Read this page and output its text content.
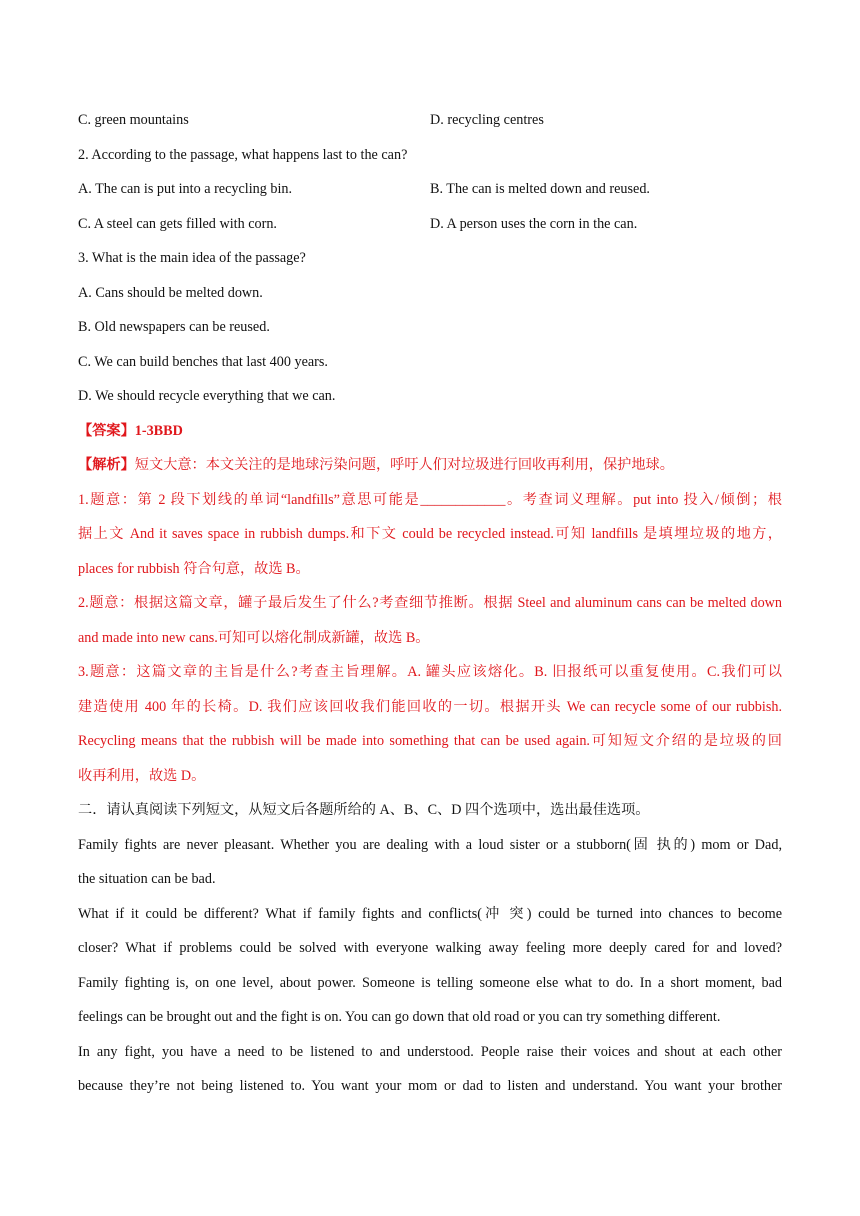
C. green mountains	D. recycling centres
2. According to the passage, what happens last to the can?
A. The can is put into a recycling bin.	B. The can is melted down and reused.
C. A steel can gets filled with corn.	D. A person uses the corn in the can.
3. What is the main idea of the passage?
A. Cans should be melted down.
B. Old newspapers can be reused.
C. We can build benches that last 400 years.
D. We should recycle everything that we can.
【答案】1-3BBD
【解析】短文大意：本文关注的是地球污染问题，呼吁人们对垃圾进行回收再利用，保护地球。
1.题意：第 2 段下划线的单词“landfills”意思可能是____________。考查词义理解。put into 投入/倾倒；根
据上文 And it saves space in rubbish dumps.和下文 could be recycled instead.可知 landfills 是填埋垃圾的地方，
places for rubbish 符合句意，故选 B。
2.题意：根据这篇文章，罐子最后发生了什么?考查细节推断。根据 Steel and aluminum cans can be melted down
and made into new cans.可知可以熔化制成新罐，故选 B。
3.题意：这篇文章的主旨是什么?考查主旨理解。A. 罐头应该熔化。B. 旧报纸可以重复使用。C.我们可以
建造使用 400 年的长椅。D. 我们应该回收我们能回收的一切。根据开头 We can recycle some of our rubbish.
Recycling means that the rubbish will be made into something that can be used again.可知短文介绍的是垃圾的回
收再利用，故选 D。
二．请认真阅读下列短文，从短文后各题所给的 A、B、C、D 四个选项中，选出最佳选项。
Family fights are never pleasant. Whether you are dealing with a loud sister or a stubborn(固 执的) mom or Dad,
the situation can be bad.
What if it could be different? What if family fights and conflicts(冲 突) could be turned into chances to become
closer? What if problems could be solved with everyone walking away feeling more deeply cared for and loved?
Family fighting is, on one level, about power. Someone is telling someone else what to do. In a short moment, bad
feelings can be brought out and the fight is on. You can go down that old road or you can try something different.
In any fight, you have a need to be listened to and understood. People raise their voices and shout at each other
because they’re not being listened to. You want your mom or dad to listen and understand. You want your brother
